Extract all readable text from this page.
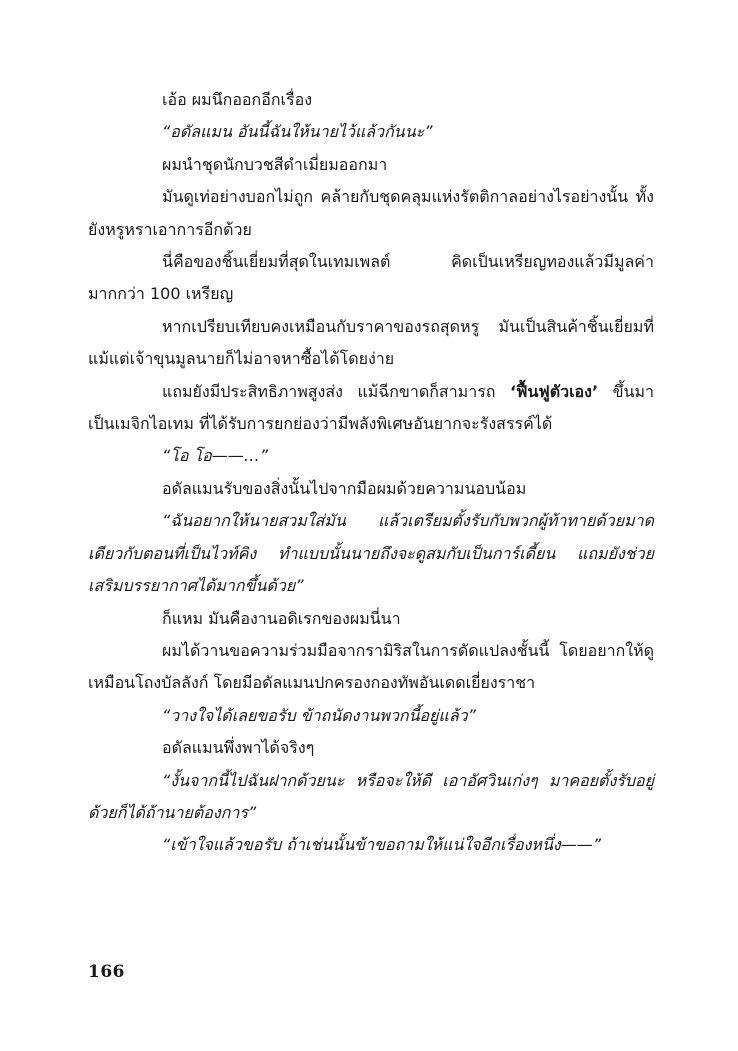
เอ้อ ผมนึกออกอีกเรื่อง

“อดัลแมน อันนี้ฉันให้นายไว้แล้วกันนะ”

ผมนำชุดนักบวชสีดำเมี่ยมออกมา

มันดูเท่อย่างบอกไม่ถูก คล้ายกับชุดคลุมแห่งรัตติกาลอย่างไรอย่างนั้น ทั้งยังหรูหราเอาการอีกด้วย

นี่คือของชิ้นเยี่ยมที่สุดในเทมเพลต์ คิดเป็นเหรียญทองแล้วมีมูลค่ามากกว่า 100 เหรียญ

หากเปรียบเทียบคงเหมือนกับราคาของรถสุดหรู มันเป็นสินค้าชิ้นเยี่ยมที่แม้แต่เจ้าขุนมูลนายก็ไม่อาจหาซื้อได้โดยง่าย

แถมยังมีประสิทธิภาพสูงส่ง แม้ฉีกขาดก็สามารถ ‘ฟื้นฟูตัวเอง’ ขึ้นมา เป็นเมจิกไอเทม ที่ได้รับการยกย่องว่ามีพลังพิเศษอันยากจะรังสรรค์ได้

“โอ โอ——…”

อดัลแมนรับของสิ่งนั้นไปจากมือผมด้วยความนอบน้อม

“ฉันอยากให้นายสวมใส่มัน แล้วเตรียมตั้งรับกับพวกผู้ท้าทายด้วยมาดเดียวกับตอนที่เป็นไวท์คิง ทำแบบนั้นนายถึงจะดูสมกับเป็นการ์เดี้ยน แถมยังช่วยเสริมบรรยากาศได้มากขึ้นด้วย”

ก็แหม มันคืองานอดิเรกของผมนี่นา

ผมได้วานขอความร่วมมือจากรามิริสในการดัดแปลงชั้นนี้ โดยอยากให้ดูเหมือนโถงบัลลังก์ โดยมีอดัลแมนปกครองกองทัพอันเดดเยี่ยงราชา

“วางใจได้เลยขอรับ ข้าถนัดงานพวกนี้อยู่แล้ว”

อดัลแมนพึ่งพาได้จริงๆ

“งั้นจากนี้ไปฉันฝากด้วยนะ หรือจะให้ดี เอาอัศวินเก่งๆ มาคอยตั้งรับอยู่ด้วยก็ได้ถ้านายต้องการ”

“เข้าใจแล้วขอรับ ถ้าเช่นนั้นข้าขอถามให้แน่ใจอีกเรื่องหนึ่ง——”

166
